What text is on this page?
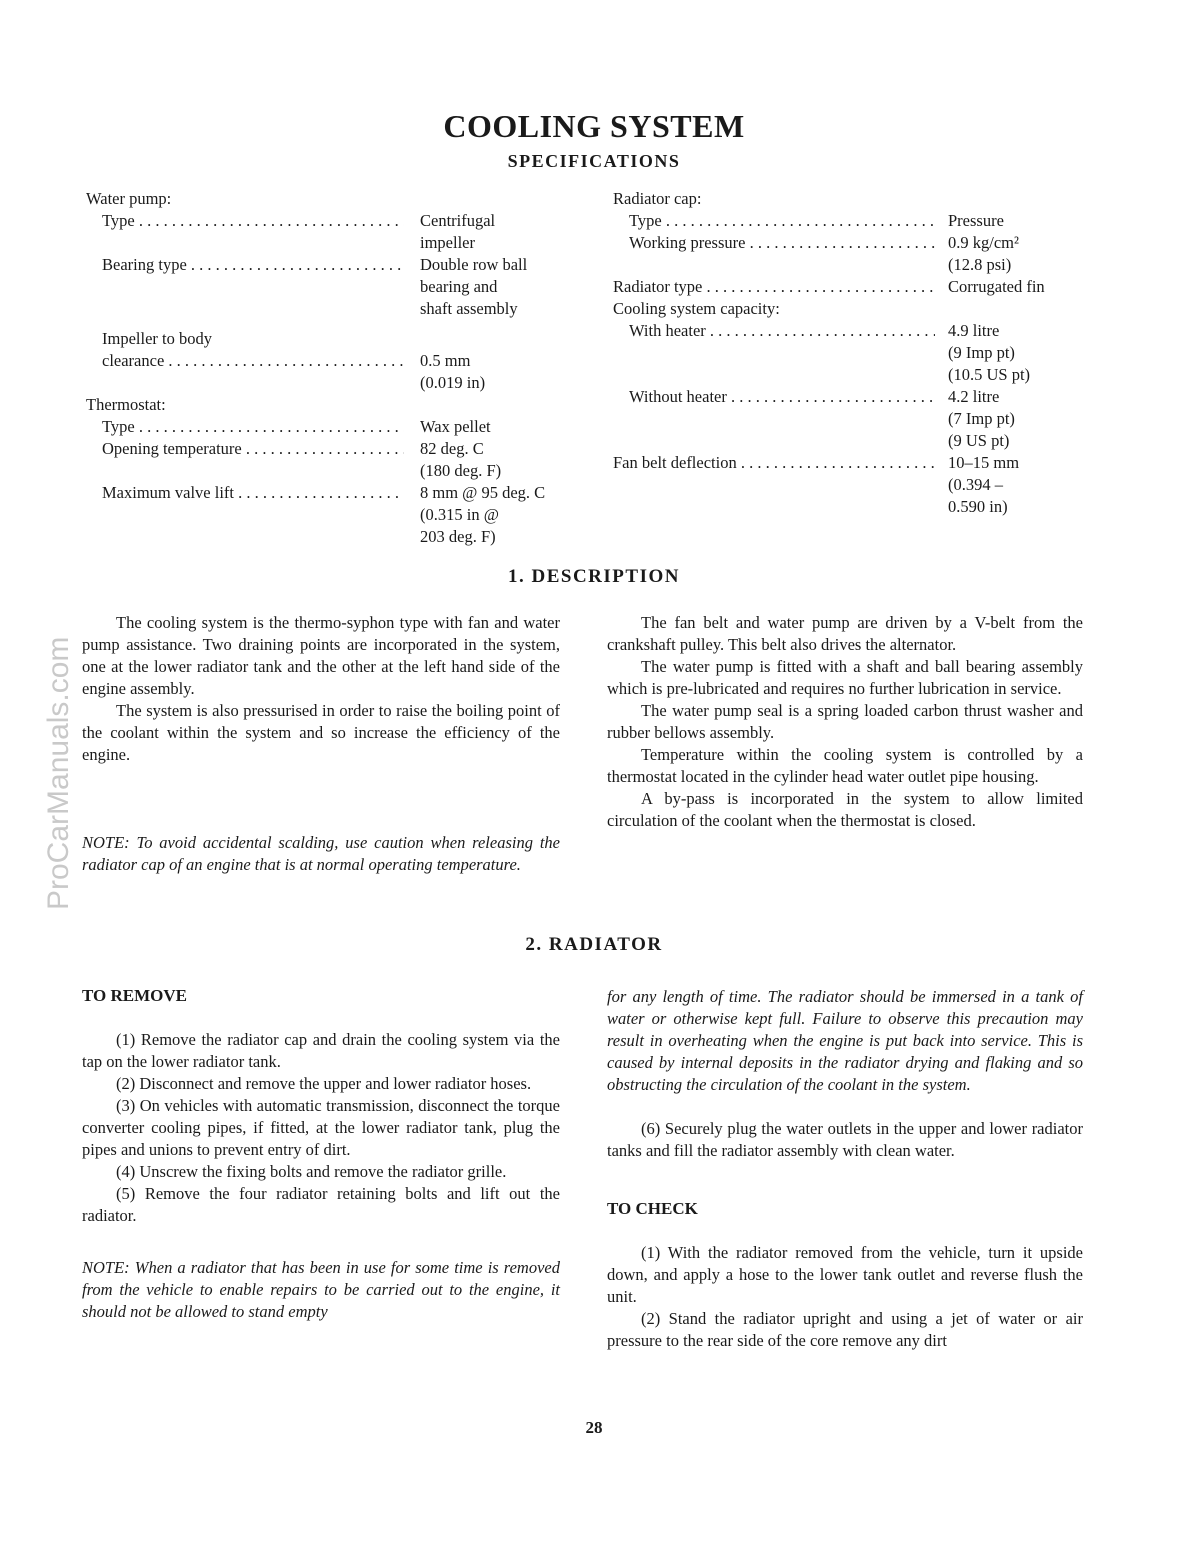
ProCarManuals.com
COOLING SYSTEM
SPECIFICATIONS
Water pump:
Type . . .	Centrifugal
impeller
Bearing type . . .	Double row ball
bearing and
shaft assembly
Impeller to body
clearance . . .	0.5 mm
(0.019 in)
Thermostat:
Type . . .	Wax pellet
Opening temperature . . .	82 deg. C
(180 deg. F)
Maximum valve lift . . .	8 mm @ 95 deg. C
(0.315 in @
203 deg. F)
Radiator cap:
Type . . .	Pressure
Working pressure . . .	0.9 kg/cm²
(12.8 psi)
Radiator type . . .	Corrugated fin
Cooling system capacity:
With heater . . .	4.9 litre
(9 Imp pt)
(10.5 US pt)
Without heater . . .	4.2 litre
(7 Imp pt)
(9 US pt)
Fan belt deflection . . .	10–15 mm
(0.394 –
0.590 in)
1. DESCRIPTION

The cooling system is the thermo-syphon type with fan and water pump assistance. Two draining points are incorporated in the system, one at the lower radiator tank and the other at the left hand side of the engine assembly.

The system is also pressurised in order to raise the boiling point of the coolant within the system and so increase the efficiency of the engine.

NOTE: To avoid accidental scalding, use caution when releasing the radiator cap of an engine that is at normal operating temperature.

The fan belt and water pump are driven by a V-belt from the crankshaft pulley. This belt also drives the alternator.

The water pump is fitted with a shaft and ball bearing assembly which is pre-lubricated and requires no further lubrication in service.

The water pump seal is a spring loaded carbon thrust washer and rubber bellows assembly.

Temperature within the cooling system is controlled by a thermostat located in the cylinder head water outlet pipe housing.

A by-pass is incorporated in the system to allow limited circulation of the coolant when the thermostat is closed.

2. RADIATOR

TO REMOVE

(1) Remove the radiator cap and drain the cooling system via the tap on the lower radiator tank.

(2) Disconnect and remove the upper and lower radiator hoses.

(3) On vehicles with automatic transmission, disconnect the torque converter cooling pipes, if fitted, at the lower radiator tank, plug the pipes and unions to prevent entry of dirt.

(4) Unscrew the fixing bolts and remove the radiator grille.

(5) Remove the four radiator retaining bolts and lift out the radiator.

NOTE: When a radiator that has been in use for some time is removed from the vehicle to enable repairs to be carried out to the engine, it should not be allowed to stand empty

for any length of time. The radiator should be immersed in a tank of water or otherwise kept full. Failure to observe this precaution may result in overheating when the engine is put back into service. This is caused by internal deposits in the radiator drying and flaking and so obstructing the circulation of the coolant in the system.

(6) Securely plug the water outlets in the upper and lower radiator tanks and fill the radiator assembly with clean water.

TO CHECK

(1) With the radiator removed from the vehicle, turn it upside down, and apply a hose to the lower tank outlet and reverse flush the unit.

(2) Stand the radiator upright and using a jet of water or air pressure to the rear side of the core remove any dirt

28
